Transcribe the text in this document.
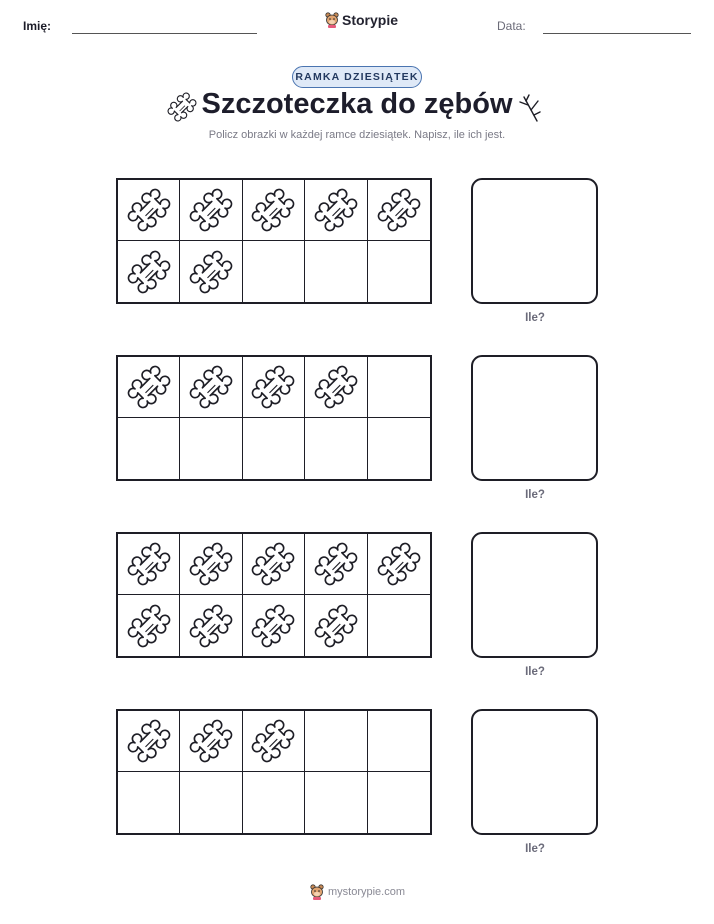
Imię:	Storypie	Data:
RAMKA DZIESIĄTEK
Szczoteczka do zębów
Policz obrazki w każdej ramce dziesiątek. Napisz, ile ich jest.
Ile?
Ile?
Ile?
Ile?
mystorypie.com
